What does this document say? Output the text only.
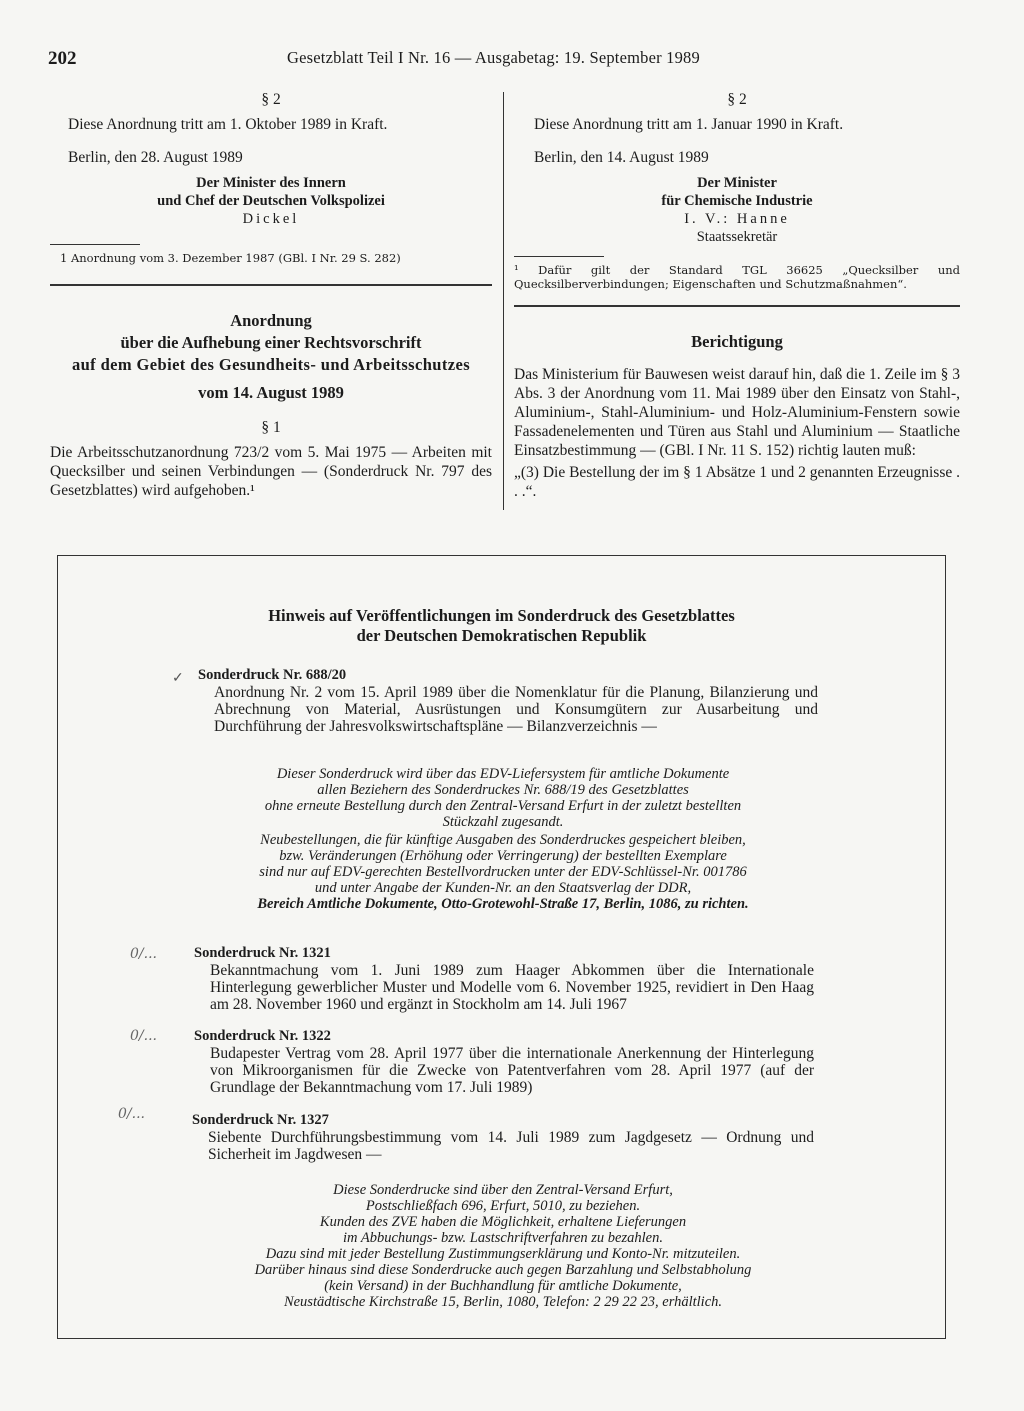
202	Gesetzblatt Teil I Nr. 16 — Ausgabetag: 19. September 1989

§ 2

Diese Anordnung tritt am 1. Oktober 1989 in Kraft.

Berlin, den 28. August 1989

Der Minister des Innern

und Chef der Deutschen Volkspolizei

Dickel

1 Anordnung vom 3. Dezember 1987 (GBl. I Nr. 29 S. 282)

Anordnung

über die Aufhebung einer Rechtsvorschrift

auf dem Gebiet des Gesundheits- und Arbeitsschutzes

vom 14. August 1989

§ 1

Die Arbeitsschutzanordnung 723/2 vom 5. Mai 1975 — Arbeiten mit Quecksilber und seinen Verbindungen — (Sonderdruck Nr. 797 des Gesetzblattes) wird aufgehoben.¹

§ 2

Diese Anordnung tritt am 1. Januar 1990 in Kraft.

Berlin, den 14. August 1989

Der Minister

für Chemische Industrie

I. V.: Hanne

Staatssekretär

¹ Dafür gilt der Standard TGL 36625 „Quecksilber und Quecksilberverbindungen; Eigenschaften und Schutzmaßnahmen“.

Berichtigung

Das Ministerium für Bauwesen weist darauf hin, daß die 1. Zeile im § 3 Abs. 3 der Anordnung vom 11. Mai 1989 über den Einsatz von Stahl-, Aluminium-, Stahl-Aluminium- und Holz-Aluminium-Fenstern sowie Fassadenelementen und Türen aus Stahl und Aluminium — Staatliche Einsatzbestimmung — (GBl. I Nr. 11 S. 152) richtig lauten muß:

„(3) Die Bestellung der im § 1 Absätze 1 und 2 genannten Erzeugnisse . . .“.

Hinweis auf Veröffentlichungen im Sonderdruck des Gesetzblattes

der Deutschen Demokratischen Republik

✓ Sonderdruck Nr. 688/20

Anordnung Nr. 2 vom 15. April 1989 über die Nomenklatur für die Planung, Bilanzierung und Abrechnung von Material, Ausrüstungen und Konsumgütern zur Ausarbeitung und Durchführung der Jahresvolkswirtschaftspläne — Bilanzverzeichnis —

Dieser Sonderdruck wird über das EDV-Liefersystem für amtliche Dokumente

allen Beziehern des Sonderdruckes Nr. 688/19 des Gesetzblattes

ohne erneute Bestellung durch den Zentral-Versand Erfurt in der zuletzt bestellten

Stückzahl zugesandt.

Neubestellungen, die für künftige Ausgaben des Sonderdruckes gespeichert bleiben,

bzw. Veränderungen (Erhöhung oder Verringerung) der bestellten Exemplare

sind nur auf EDV-gerechten Bestellvordrucken unter der EDV-Schlüssel-Nr. 001786

und unter Angabe der Kunden-Nr. an den Staatsverlag der DDR,

Bereich Amtliche Dokumente, Otto-Grotewohl-Straße 17, Berlin, 1086, zu richten.

0/...	Sonderdruck Nr. 1321

Bekanntmachung vom 1. Juni 1989 zum Haager Abkommen über die Internationale Hinterlegung gewerblicher Muster und Modelle vom 6. November 1925, revidiert in Den Haag am 28. November 1960 und ergänzt in Stockholm am 14. Juli 1967

0/...	Sonderdruck Nr. 1322

Budapester Vertrag vom 28. April 1977 über die internationale Anerkennung der Hinterlegung von Mikroorganismen für die Zwecke von Patentverfahren vom 28. April 1977 (auf der Grundlage der Bekanntmachung vom 17. Juli 1989)

0/...	Sonderdruck Nr. 1327

Siebente Durchführungsbestimmung vom 14. Juli 1989 zum Jagdgesetz — Ordnung und Sicherheit im Jagdwesen —

Diese Sonderdrucke sind über den Zentral-Versand Erfurt,

Postschließfach 696, Erfurt, 5010, zu beziehen.

Kunden des ZVE haben die Möglichkeit, erhaltene Lieferungen

im Abbuchungs- bzw. Lastschriftverfahren zu bezahlen.

Dazu sind mit jeder Bestellung Zustimmungserklärung und Konto-Nr. mitzuteilen.

Darüber hinaus sind diese Sonderdrucke auch gegen Barzahlung und Selbstabholung

(kein Versand) in der Buchhandlung für amtliche Dokumente,

Neustädtische Kirchstraße 15, Berlin, 1080, Telefon: 2 29 22 23, erhältlich.
